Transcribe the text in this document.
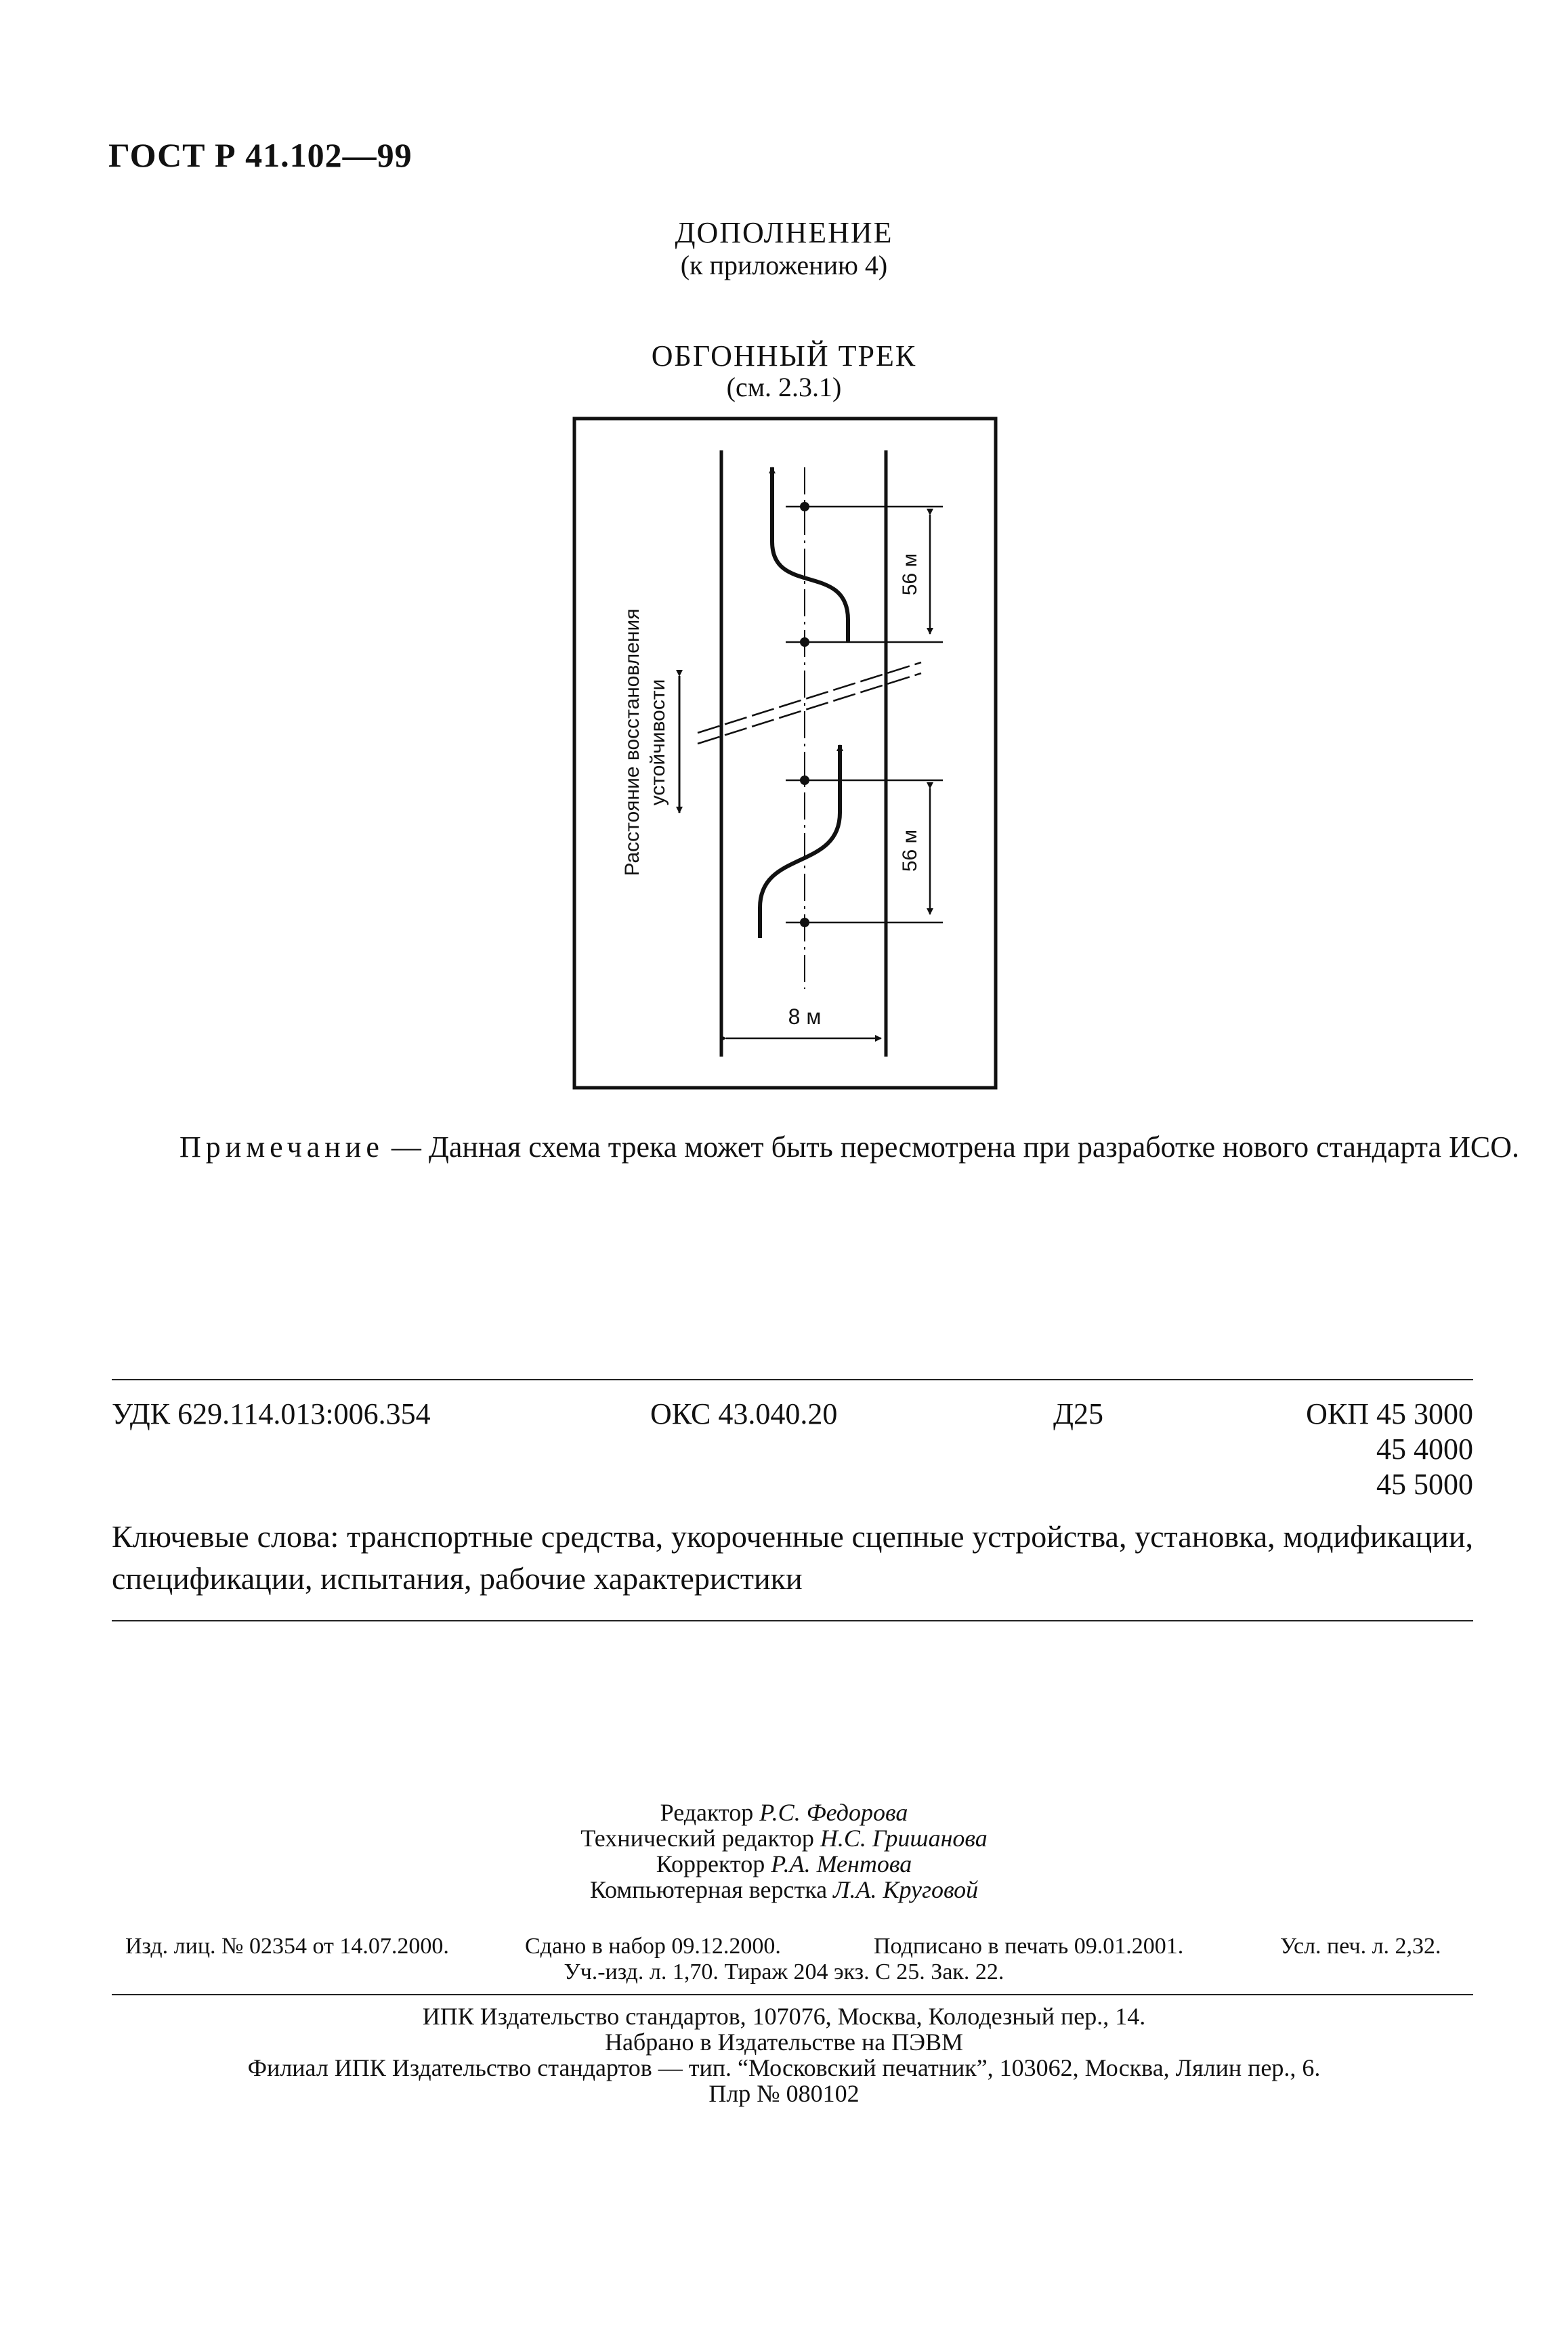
ГОСТ Р 41.102—99
ДОПОЛНЕНИЕ
(к приложению 4)
ОБГОННЫЙ ТРЕК
(см. 2.3.1)
56 м
56 м
8 м
Расстояние восстановления устойчивости
Примечание — Данная схема трека может быть пересмотрена при разработке нового стандарта ИСО.
УДК 629.114.013:006.354	ОКС 43.040.20	Д25	ОКП 45 3000
45 4000
45 5000
Ключевые слова: транспортные средства, укороченные сцепные устройства, установка, модификации, спецификации, испытания, рабочие характеристики
Редактор Р.С. Федорова
Технический редактор Н.С. Гришанова
Корректор Р.А. Ментова
Компьютерная верстка Л.А. Круговой
Изд. лиц. № 02354 от 14.07.2000.	Сдано в набор 09.12.2000.	Подписано в печать 09.01.2001.	Усл. печ. л. 2,32.
Уч.-изд. л. 1,70. Тираж 204 экз. С 25. Зак. 22.
ИПК Издательство стандартов, 107076, Москва, Колодезный пер., 14.
Набрано в Издательстве на ПЭВМ
Филиал ИПК Издательство стандартов — тип. “Московский печатник”, 103062, Москва, Лялин пер., 6.
Плр № 080102
